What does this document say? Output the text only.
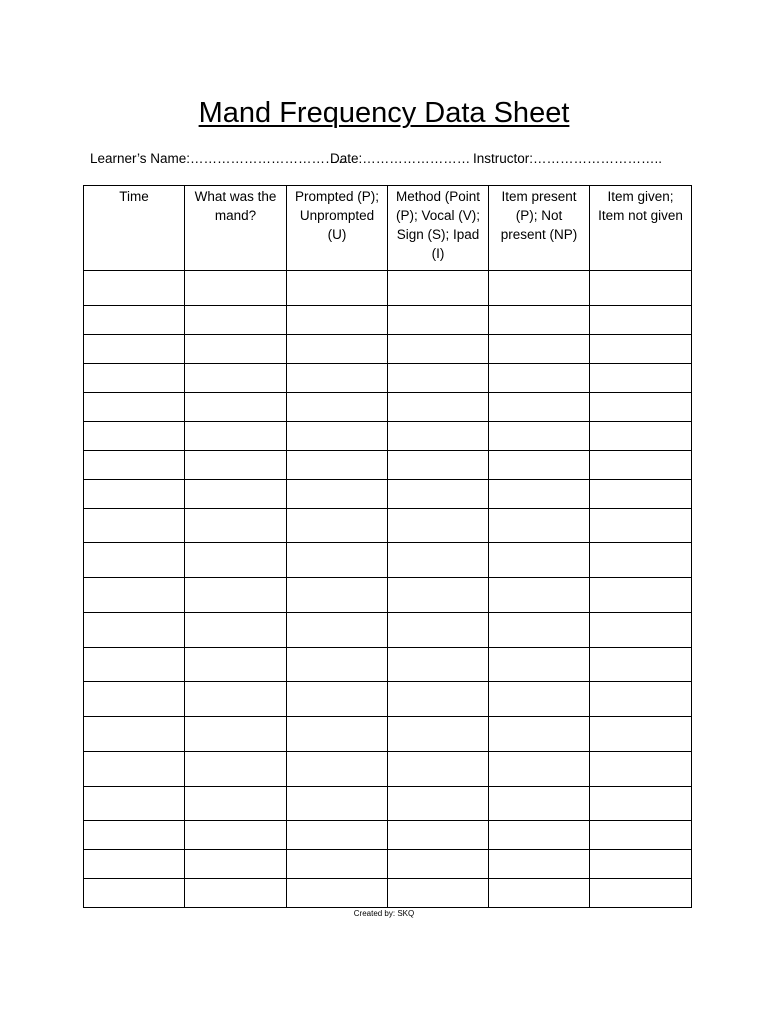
Mand Frequency Data Sheet
Learner’s Name:……………………………..
Date:…………………… Instructor:………………………..
Time	What was the mand?	Prompted (P); Unprompted (U)	Method (Point (P); Vocal (V); Sign (S); Ipad (I)	Item present (P); Not present (NP)	Item given; Item not given

Created by: SKQ
